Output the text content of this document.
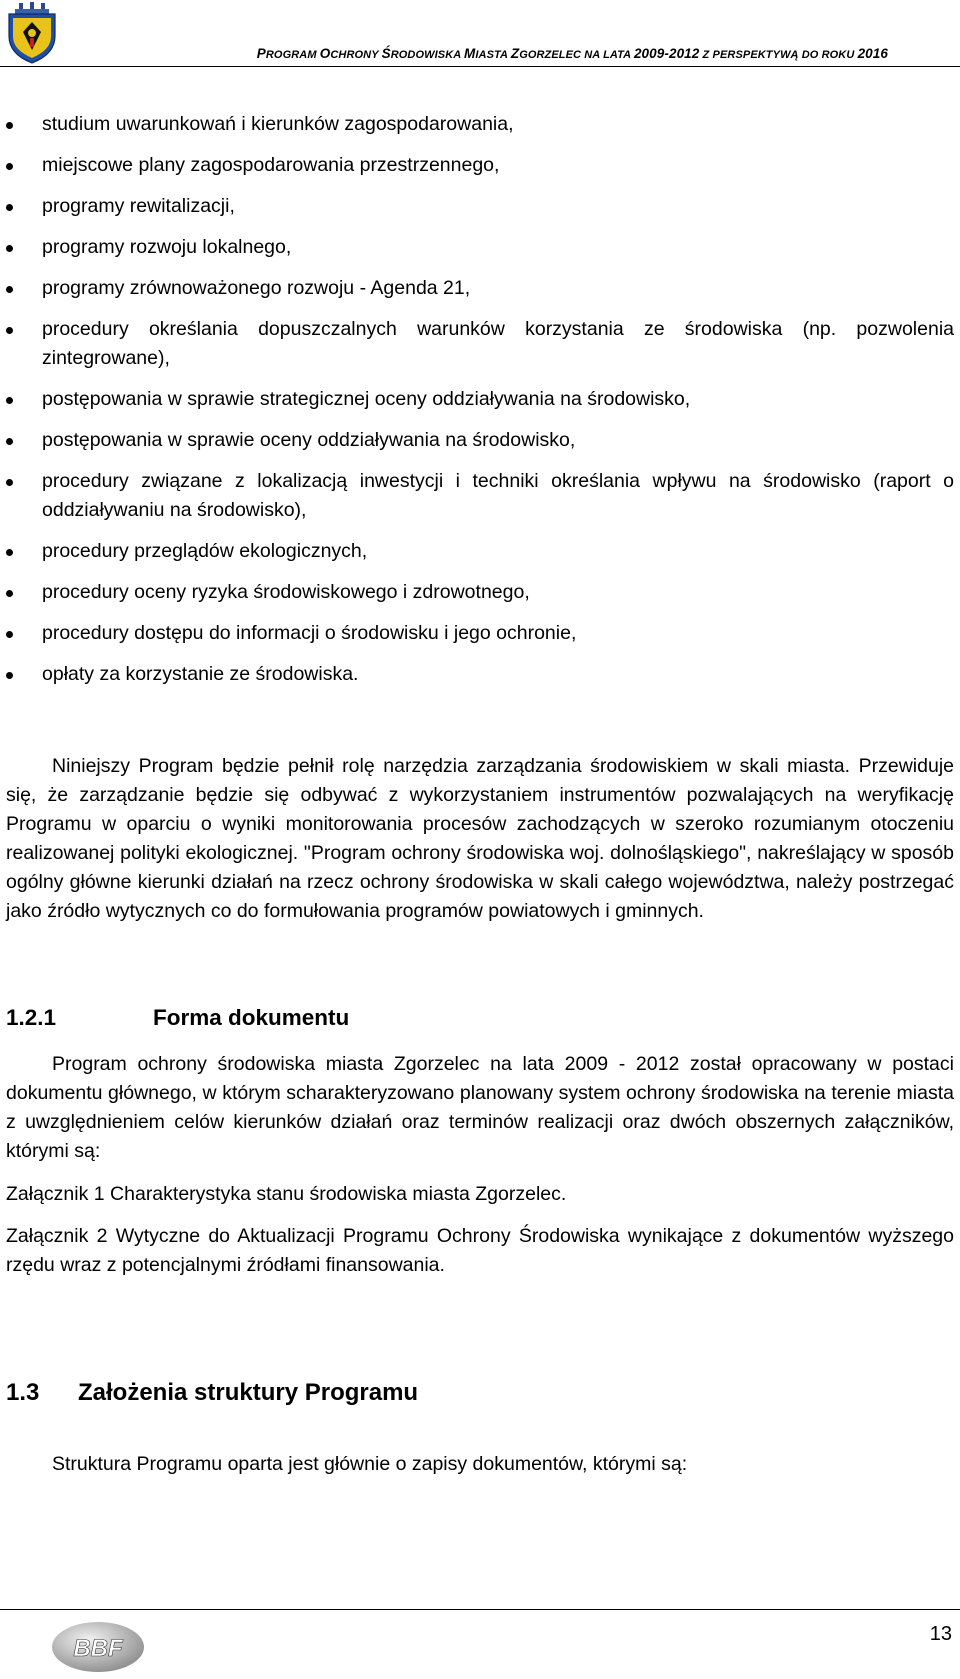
PROGRAM OCHRONY ŚRODOWISKA MIASTA ZGORZELEC NA LATA 2009-2012 Z PERSPEKTYWĄ DO ROKU 2016
studium uwarunkowań i kierunków zagospodarowania,
miejscowe plany zagospodarowania przestrzennego,
programy rewitalizacji,
programy rozwoju lokalnego,
programy zrównoważonego rozwoju - Agenda 21,
procedury określania dopuszczalnych warunków korzystania ze środowiska (np. pozwolenia zintegrowane),
postępowania w sprawie strategicznej oceny oddziaływania na środowisko,
postępowania w sprawie oceny oddziaływania na środowisko,
procedury związane z lokalizacją inwestycji i techniki określania wpływu na środowisko (raport o oddziaływaniu na środowisko),
procedury przeglądów ekologicznych,
procedury oceny ryzyka środowiskowego i zdrowotnego,
procedury dostępu do informacji o środowisku i jego ochronie,
opłaty za korzystanie ze środowiska.

Niniejszy Program będzie pełnił rolę narzędzia zarządzania środowiskiem w skali miasta. Przewiduje się, że zarządzanie będzie się odbywać z wykorzystaniem instrumentów pozwalających na weryfikację Programu w oparciu o wyniki monitorowania procesów zachodzących w szeroko rozumianym otoczeniu realizowanej polityki ekologicznej. "Program ochrony środowiska woj. dolnośląskiego", nakreślający w sposób ogólny główne kierunki działań na rzecz ochrony środowiska w skali całego województwa, należy postrzegać jako źródło wytycznych co do formułowania programów powiatowych i gminnych.

1.2.1	Forma dokumentu

Program ochrony środowiska miasta Zgorzelec na lata 2009 - 2012 został opracowany w postaci dokumentu głównego, w którym scharakteryzowano planowany system ochrony środowiska na terenie miasta z uwzględnieniem celów kierunków działań oraz terminów realizacji oraz dwóch obszernych załączników, którymi są:

Załącznik 1 Charakterystyka stanu środowiska miasta Zgorzelec.

Załącznik 2 Wytyczne do Aktualizacji Programu Ochrony Środowiska wynikające z dokumentów wyższego rzędu wraz z potencjalnymi źródłami finansowania.

1.3 Założenia struktury Programu

Struktura Programu oparta jest głównie o zapisy dokumentów, którymi są:

BBF
13
